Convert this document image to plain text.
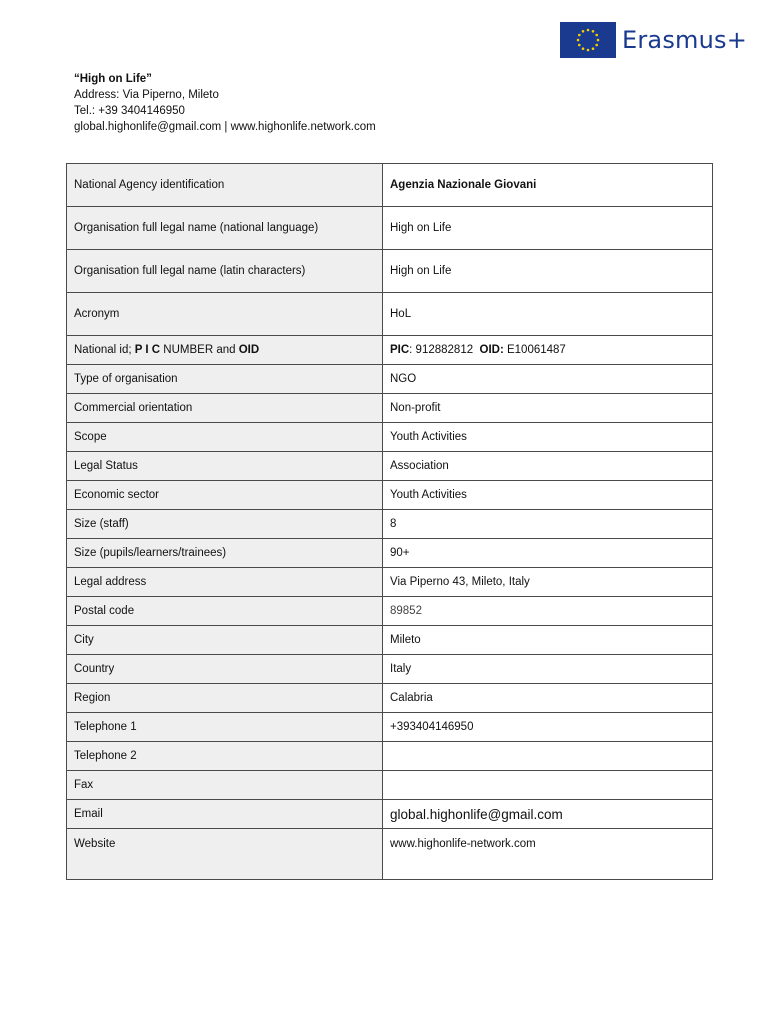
Erasmus+
“High on Life”
Address: Via Piperno, Mileto
Tel.: +39 3404146950
global.highonlife@gmail.com | www.highonlife.network.com
National Agency identification	Agenzia Nazionale Giovani
Organisation full legal name (national language)	High on Life
Organisation full legal name (latin characters)	High on Life
Acronym	HoL
National id; P I C NUMBER and OID	PIC: 912882812 OID: E10061487
Type of organisation	NGO
Commercial orientation	Non-profit
Scope	Youth Activities
Legal Status	Association
Economic sector	Youth Activities
Size (staff)	8
Size (pupils/learners/trainees)	90+
Legal address	Via Piperno 43, Mileto, Italy
Postal code	89852
City	Mileto
Country	Italy
Region	Calabria
Telephone 1	+393404146950
Telephone 2	
Fax	
Email	global.highonlife@gmail.com
Website	www.highonlife-network.com
